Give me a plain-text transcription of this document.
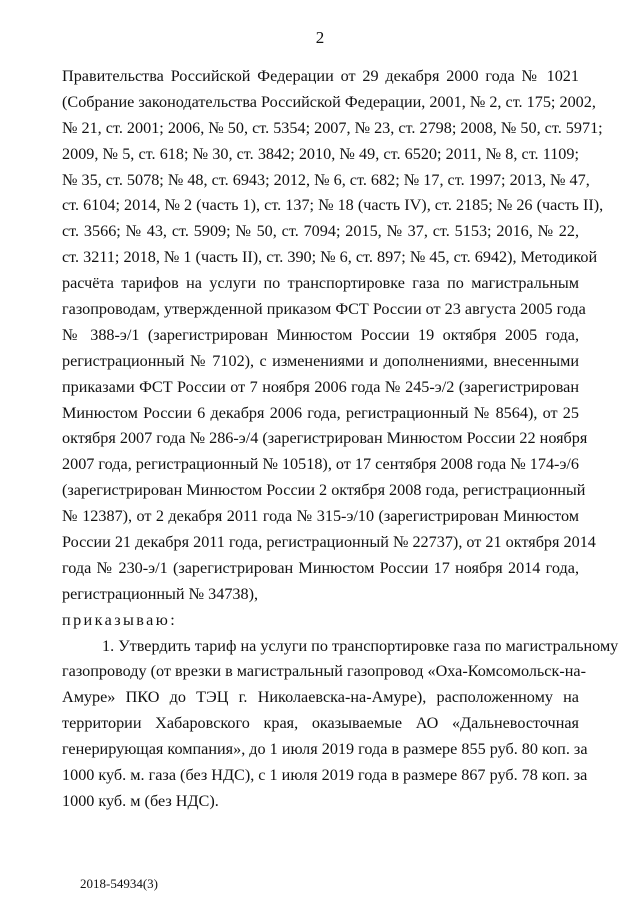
2
Правительства Российской Федерации от 29 декабря 2000 года № 1021
(Собрание законодательства Российской Федерации, 2001, № 2, ст. 175; 2002,
№ 21, ст. 2001; 2006, № 50, ст. 5354; 2007, № 23, ст. 2798; 2008, № 50, ст. 5971;
2009, № 5, ст. 618; № 30, ст. 3842; 2010, № 49, ст. 6520; 2011, № 8, ст. 1109;
№ 35, ст. 5078; № 48, ст. 6943; 2012, № 6, ст. 682; № 17, ст. 1997; 2013, № 47,
ст. 6104; 2014, № 2 (часть 1), ст. 137; № 18 (часть IV), ст. 2185; № 26 (часть II),
ст. 3566; № 43, ст. 5909; № 50, ст. 7094; 2015, № 37, ст. 5153; 2016, № 22,
ст. 3211; 2018, № 1 (часть II), ст. 390; № 6, ст. 897; № 45, ст. 6942), Методикой
расчёта тарифов на услуги по транспортировке газа по магистральным
газопроводам, утвержденной приказом ФСТ России от 23 августа 2005 года
№ 388-э/1 (зарегистрирован Минюстом России 19 октября 2005 года,
регистрационный № 7102), с изменениями и дополнениями, внесенными
приказами ФСТ России от 7 ноября 2006 года № 245-э/2 (зарегистрирован
Минюстом России 6 декабря 2006 года, регистрационный № 8564), от 25
октября 2007 года № 286-э/4 (зарегистрирован Минюстом России 22 ноября
2007 года, регистрационный № 10518), от 17 сентября 2008 года № 174-э/6
(зарегистрирован Минюстом России 2 октября 2008 года, регистрационный
№ 12387), от 2 декабря 2011 года № 315-э/10 (зарегистрирован Минюстом
России 21 декабря 2011 года, регистрационный № 22737), от 21 октября 2014
года № 230-э/1 (зарегистрирован Минюстом России 17 ноября 2014 года,
регистрационный № 34738),
приказываю:
1. Утвердить тариф на услуги по транспортировке газа по магистральному
газопроводу (от врезки в магистральный газопровод «Оха-Комсомольск-на-
Амуре» ПКО до ТЭЦ г. Николаевска-на-Амуре), расположенному на
территории Хабаровского края, оказываемые АО «Дальневосточная
генерирующая компания», до 1 июля 2019 года в размере 855 руб. 80 коп. за
1000 куб. м. газа (без НДС), с 1 июля 2019 года в размере 867 руб. 78 коп. за
1000 куб. м (без НДС).
2018-54934(3)
